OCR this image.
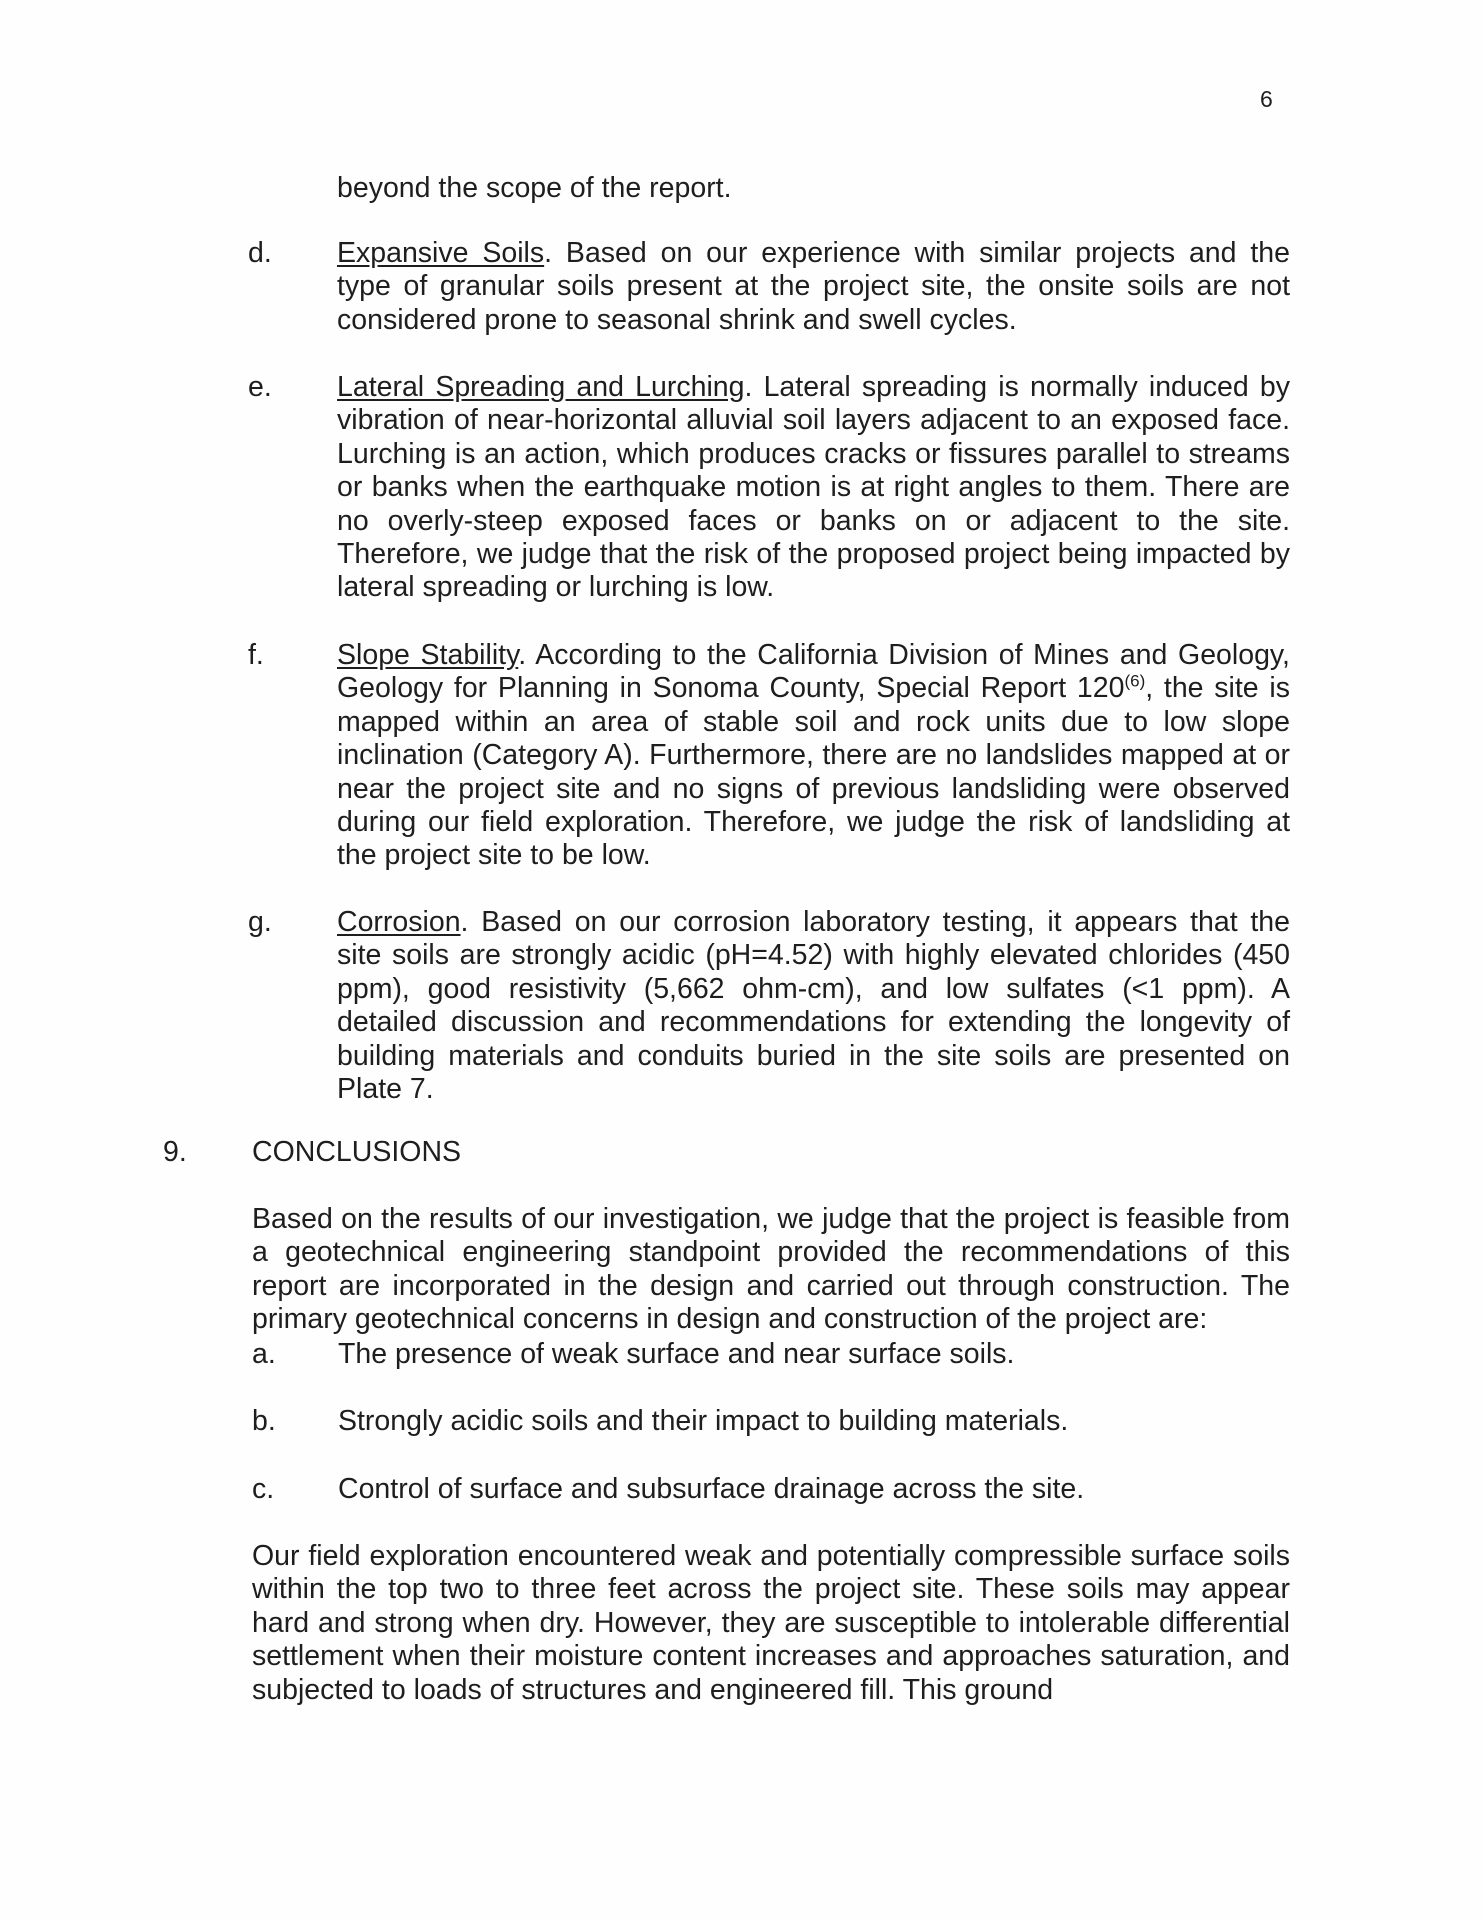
6
beyond the scope of the report.
d. Expansive Soils. Based on our experience with similar projects and the type of granular soils present at the project site, the onsite soils are not considered prone to seasonal shrink and swell cycles.
e. Lateral Spreading and Lurching. Lateral spreading is normally induced by vibration of near-horizontal alluvial soil layers adjacent to an exposed face. Lurching is an action, which produces cracks or fissures parallel to streams or banks when the earthquake motion is at right angles to them. There are no overly-steep exposed faces or banks on or adjacent to the site. Therefore, we judge that the risk of the proposed project being impacted by lateral spreading or lurching is low.
f.	Slope Stability. According to the California Division of Mines and Geology, Geology for Planning in Sonoma County, Special Report 120$^{(6)}$, the site is mapped within an area of stable soil and rock units due to low slope inclination (Category A). Furthermore, there are no landslides mapped at or near the project site and no signs of previous landsliding were observed during our field exploration. Therefore, we judge the risk of landsliding at the project site to be low.
g. Corrosion. Based on our corrosion laboratory testing, it appears that the site soils are strongly acidic (pH=4.52) with highly elevated chlorides (450 ppm), good resistivity (5,662 ohm-cm), and low sulfates (<1 ppm). A detailed discussion and recommendations for extending the longevity of building materials and conduits buried in the site soils are presented on Plate 7.
9. CONCLUSIONS
Based on the results of our investigation, we judge that the project is feasible from a geotechnical engineering standpoint provided the recommendations of this report are incorporated in the design and carried out through construction. The primary geotechnical concerns in design and construction of the project are:
a. The presence of weak surface and near surface soils.
b. Strongly acidic soils and their impact to building materials.
c. Control of surface and subsurface drainage across the site.
Our field exploration encountered weak and potentially compressible surface soils within the top two to three feet across the project site. These soils may appear hard and strong when dry. However, they are susceptible to intolerable differential settlement when their moisture content increases and approaches saturation, and subjected to loads of structures and engineered fill. This ground
